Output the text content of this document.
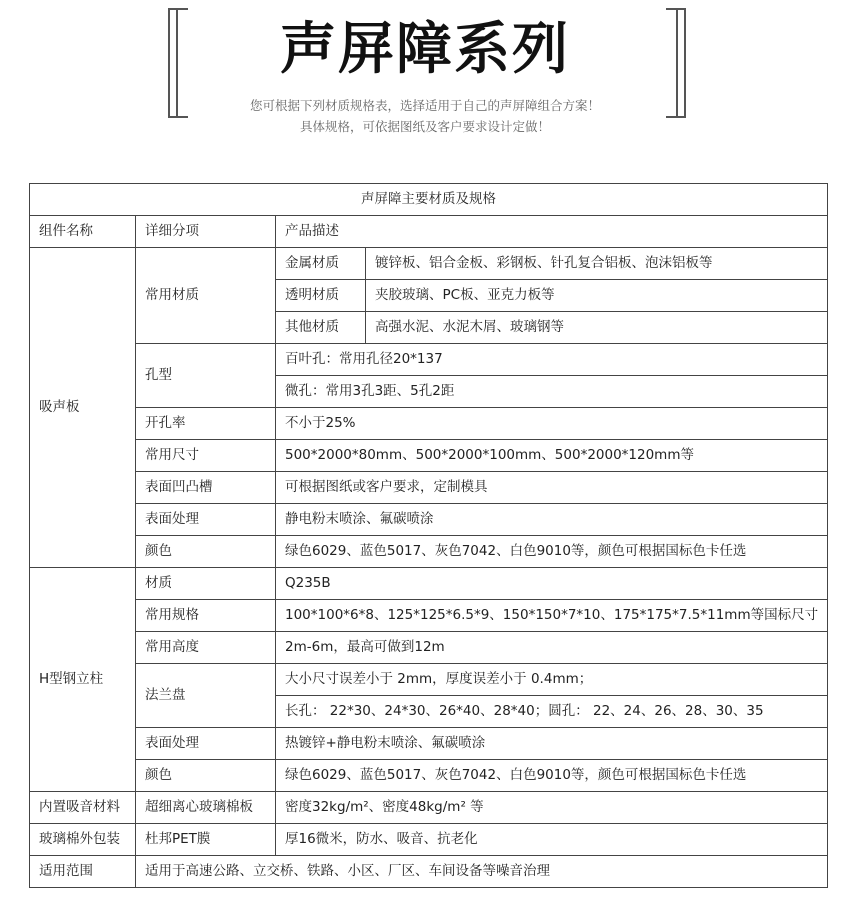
声屏障系列
您可根据下列材质规格表，选择适用于自己的声屏障组合方案！
具体规格，可依据图纸及客户要求设计定做！
声屏障主要材质及规格			
组件名称	详细分项	产品描述	
吸声板	常用材质	金属材质	镀锌板、铝合金板、彩钢板、针孔复合铝板、泡沫铝板等
		透明材质	夹胶玻璃、PC板、亚克力板等
		其他材质	高强水泥、水泥木屑、玻璃钢等
	孔型	百叶孔：常用孔径20*137	
		微孔：常用3孔3距、5孔2距	
	开孔率	不小于25%	
	常用尺寸	500*2000*80mm、500*2000*100mm、500*2000*120mm等	
	表面凹凸槽	可根据图纸或客户要求，定制模具	
	表面处理	静电粉末喷涂、氟碳喷涂	
	颜色	绿色6029、蓝色5017、灰色7042、白色9010等，颜色可根据国标色卡任选	
H型钢立柱	材质	Q235B	
	常用规格	100*100*6*8、125*125*6.5*9、150*150*7*10、175*175*7.5*11mm等国标尺寸	
	常用高度	2m-6m，最高可做到12m	
	法兰盘	大小尺寸误差小于 2mm，厚度误差小于 0.4mm；	
		长孔： 22*30、24*30、26*40、28*40；圆孔： 22、24、26、28、30、35	
	表面处理	热镀锌+静电粉末喷涂、氟碳喷涂	
	颜色	绿色6029、蓝色5017、灰色7042、白色9010等，颜色可根据国标色卡任选	
内置吸音材料	超细离心玻璃棉板	密度32kg/m²、密度48kg/m² 等	
玻璃棉外包装	杜邦PET膜	厚16微米，防水、吸音、抗老化	
适用范围	适用于高速公路、立交桥、铁路、小区、厂区、车间设备等噪音治理		
